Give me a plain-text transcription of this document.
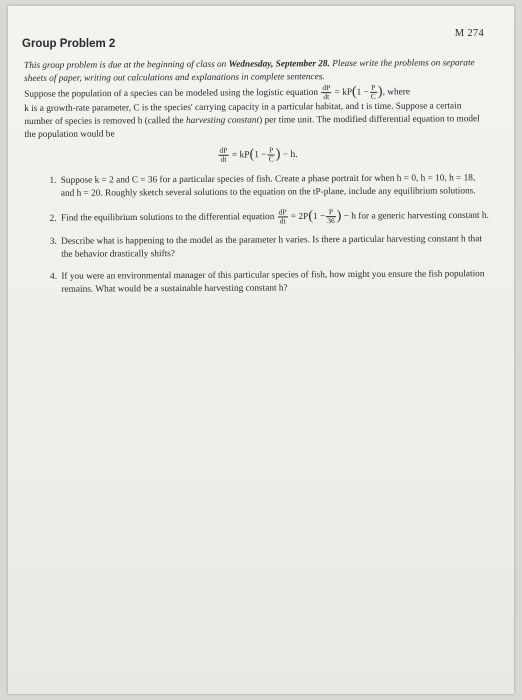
M 274
Group Problem 2

This group problem is due at the beginning of class on Wednesday, September 28. Please write the problems on separate sheets of paper, writing out calculations and explanations in complete sentences.

Suppose the population of a species can be modeled using the logistic equation $\frac{dP}{dt} = kP(1 - \frac{P}{C}$ ), where
k is a growth-rate parameter, C is the species' carrying capacity in a particular habitat, and t is time. Suppose a certain number of species is removed h (called the harvesting constant) per time unit. The modified differential equation to model the population would be

$\frac{dP}{dt} = kP(1 - \frac{P}{C}$ ) − h.
1. Suppose k = 2 and C = 36 for a particular species of fish. Create a phase portrait for when h = 0, h = 10, h = 18, and h = 20. Roughly sketch several solutions to the equation on the tP-plane, include any equilibrium solutions.
2. Find the equilibrium solutions to the differential equation $\frac{dP}{dt} = 2P(1 - \frac{P}{36}$ ) − h for a generic harvesting constant h.
3. Describe what is happening to the model as the parameter h varies. Is there a particular harvesting constant h that the behavior drastically shifts?
4. If you were an environmental manager of this particular species of fish, how might you ensure the fish population remains. What would be a sustainable harvesting constant h?
